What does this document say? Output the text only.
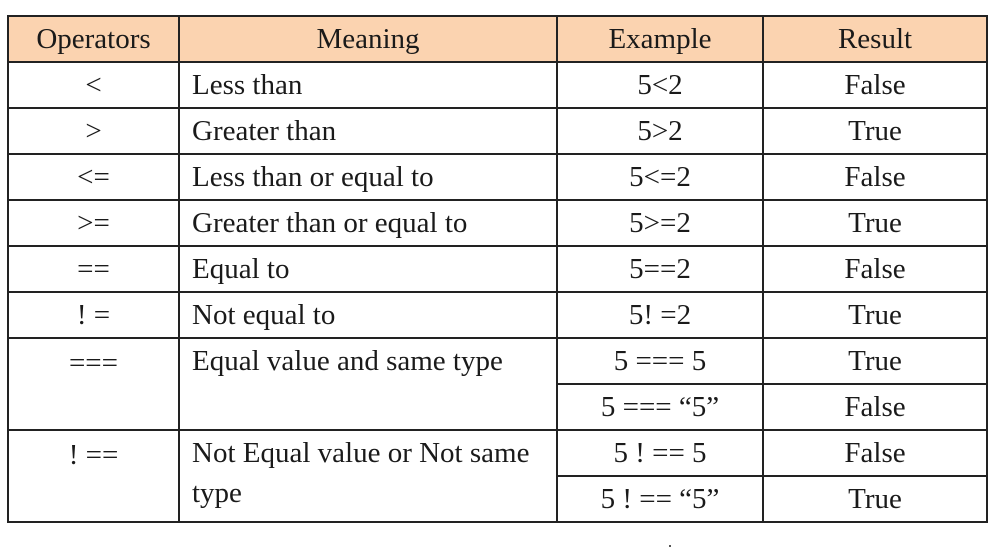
Operators	Meaning	Example	Result
<	Less than	5<2	False
>	Greater than	5>2	True
<=	Less than or equal to	5<=2	False
>=	Greater than or equal to	5>=2	True
==	Equal to	5==2	False
! =	Not equal to	5! =2	True
===	Equal value and same type	5 === 5	True
		5 === “5”	False
! ==	Not Equal value or Not same type	5 ! == 5	False
		5 ! == “5”	True
